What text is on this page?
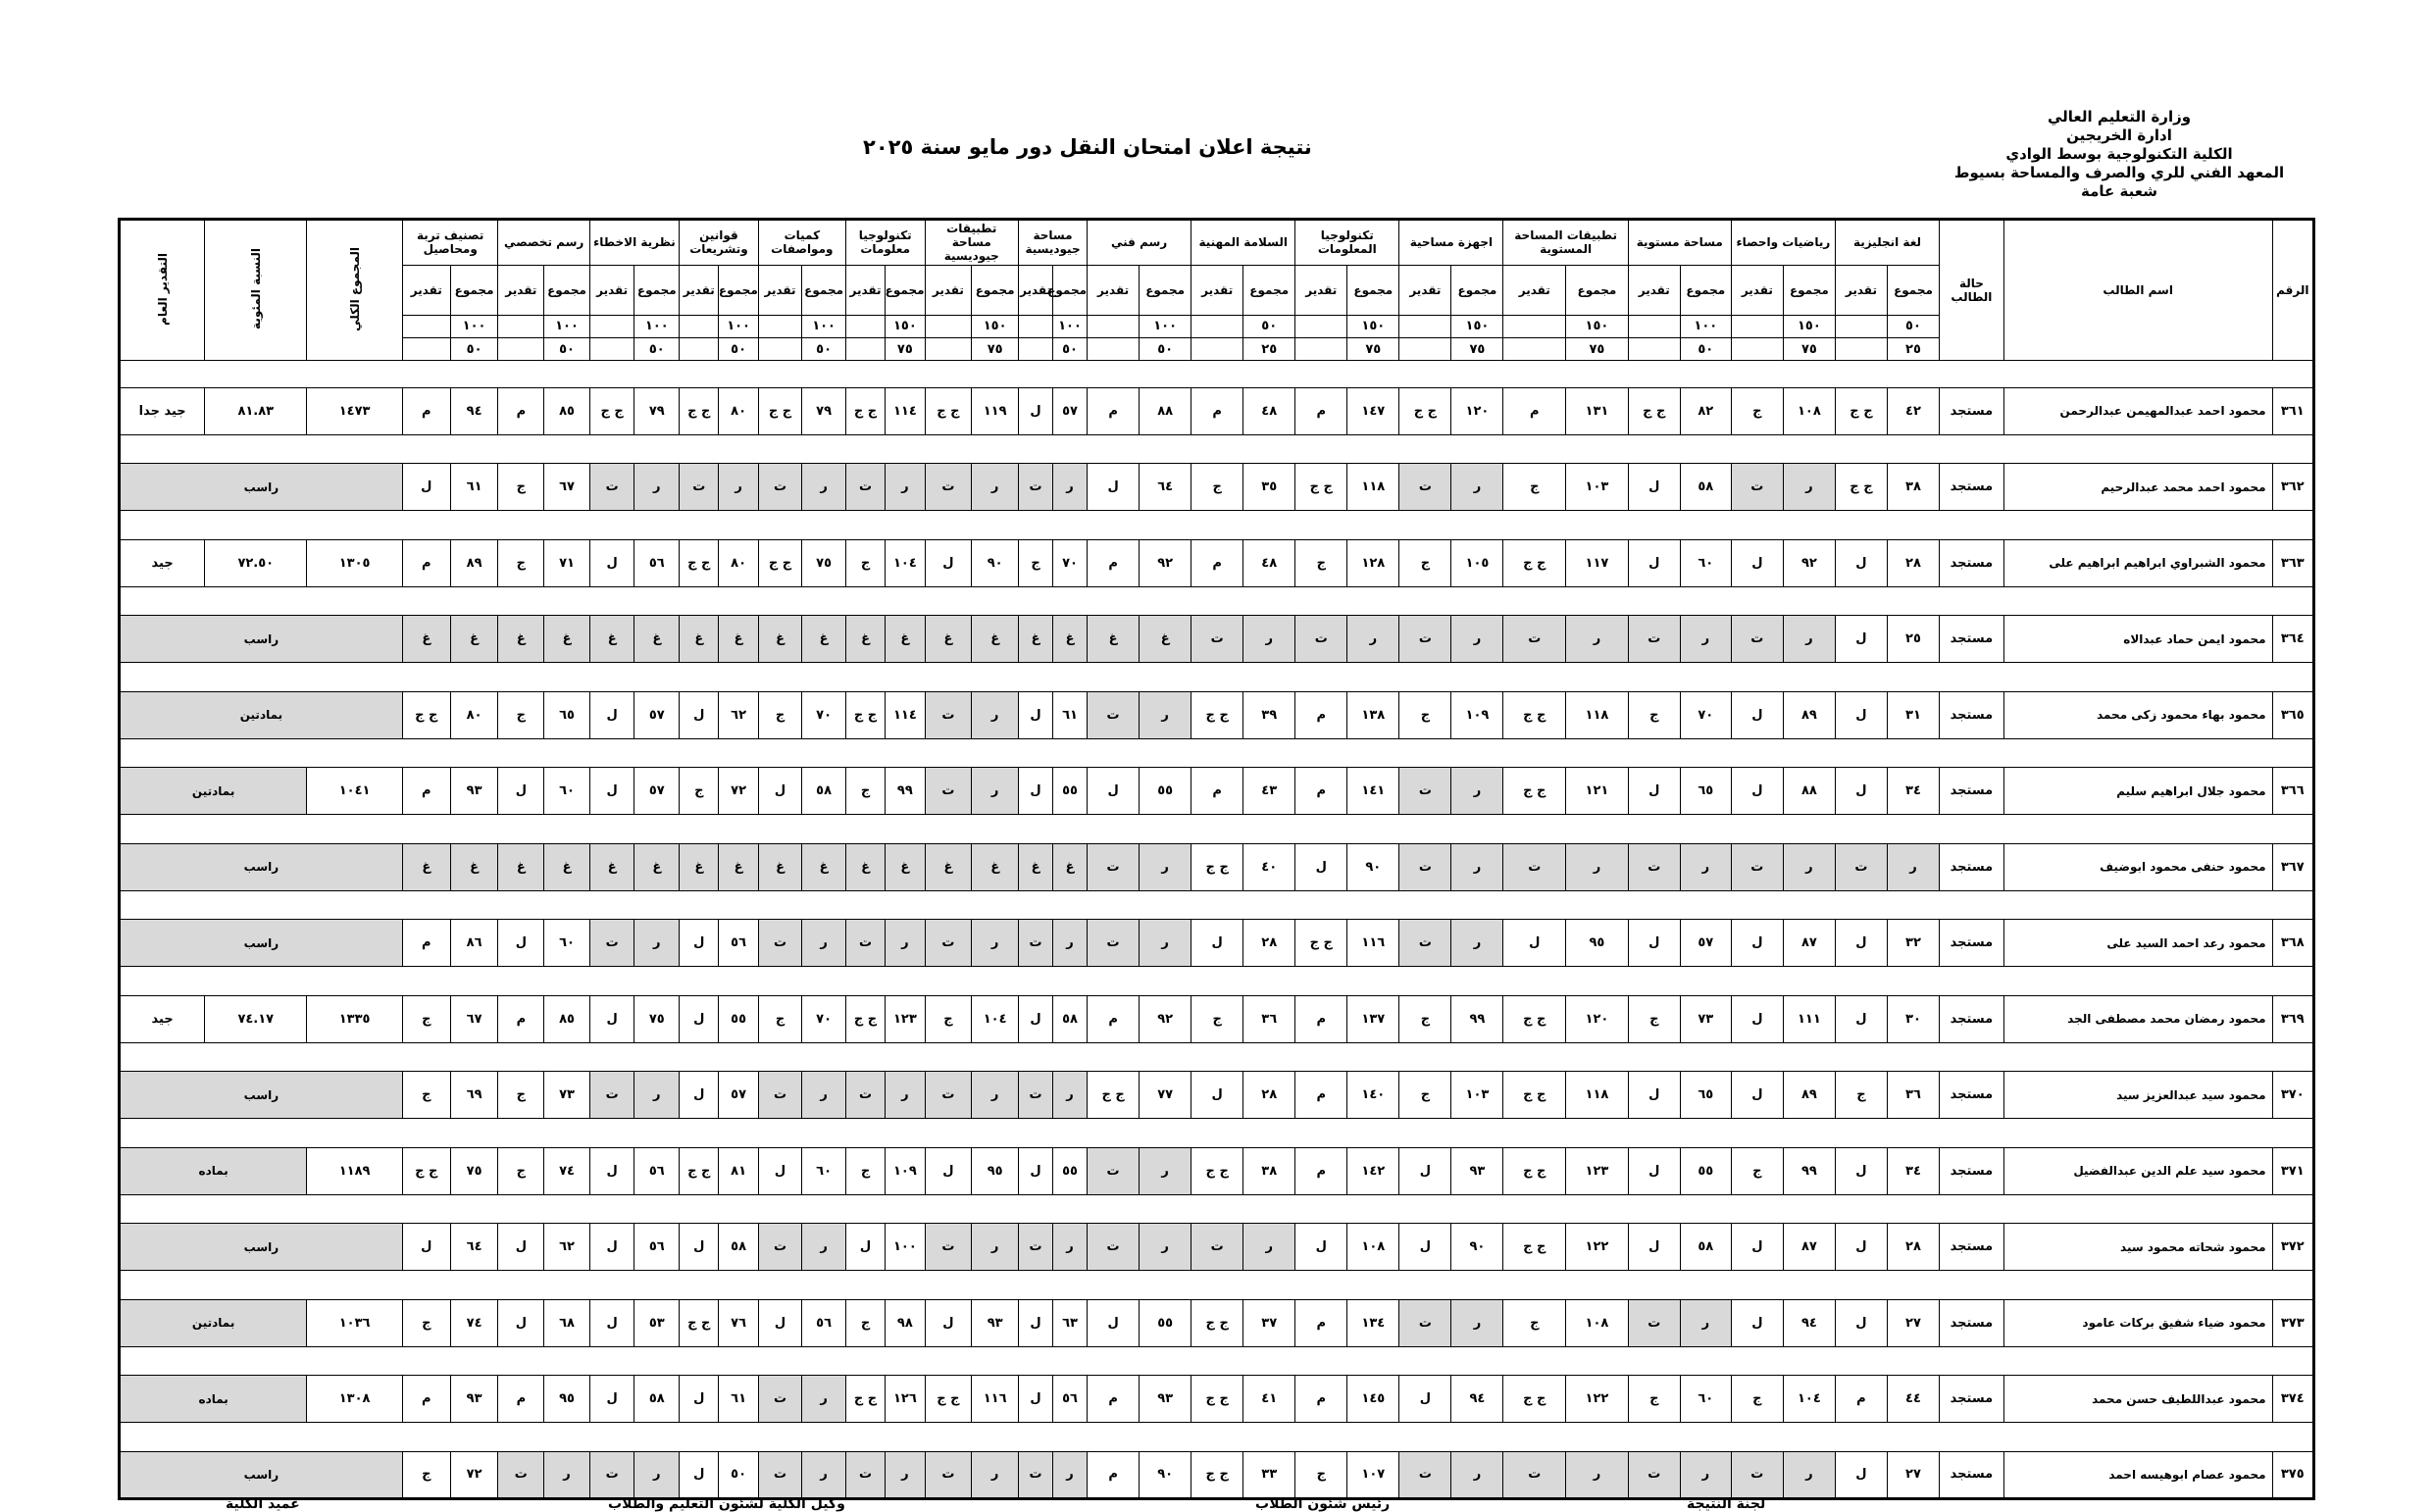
وزارة التعليم العالي
ادارة الخريجين
الكلية التكنولوجية بوسط الوادي
المعهد الفني للري والصرف والمساحة بسيوط
شعبة عامة
نتيجة اعلان امتحان النقل دور مايو سنة ٢٠٢٥
الرقم	اسم الطالب	حالة الطالب	لغة انجليزية		رياضيات واحصاء		مساحة مستوية		تطبيقات المساحة المستوية		اجهزة مساحية		تكنولوجيا المعلومات		السلامة المهنية		رسم فني		مساحة جيوديسية		تطبيقات مساحة جيوديسية		تكنولوجيا معلومات		كميات ومواصفات		قوانين وتشريعات		نظرية الاخطاء		رسم تخصصي		تصنيف تربة ومحاصيل		المجموع الكلي	النسبة المئوية	التقدير العام
			مجموع	تقدير	مجموع	تقدير	مجموع	تقدير	مجموع	تقدير	مجموع	تقدير	مجموع	تقدير	مجموع	تقدير	مجموع	تقدير	مجموع	تقدير	مجموع	تقدير	مجموع	تقدير	مجموع	تقدير	مجموع	تقدير	مجموع	تقدير	مجموع	تقدير	مجموع	تقدير			
			٥٠		١٥٠		١٠٠		١٥٠		١٥٠		١٥٠		٥٠		١٠٠		١٠٠		١٥٠		١٥٠		١٠٠		١٠٠		١٠٠		١٠٠		١٠٠				
			٢٥		٧٥		٥٠		٧٥		٧٥		٧٥		٢٥		٥٠		٥٠		٧٥		٧٥		٥٠		٥٠		٥٠		٥٠		٥٠				

٣٦١	محمود احمد عبدالمهيمن عبدالرحمن	مستجد	٤٢	ج ج	١٠٨	ج	٨٢	ج ج	١٣١	م	١٢٠	ج ج	١٤٧	م	٤٨	م	٨٨	م	٥٧	ل	١١٩	ج ج	١١٤	ج ج	٧٩	ج ج	٨٠	ج ج	٧٩	ج ج	٨٥	م	٩٤	م	١٤٧٣	٨١.٨٣	جيد جدا

٣٦٢	محمود احمد محمد عبدالرحيم	مستجد	٣٨	ج ج	ر	ت	٥٨	ل	١٠٣	ج	ر	ت	١١٨	ج ج	٣٥	ج	٦٤	ل	ر	ت	ر	ت	ر	ت	ر	ت	ر	ت	ر	ت	٦٧	ج	٦١	ل	راسب		

٣٦٣	محمود الشبراوي ابراهيم ابراهيم على	مستجد	٢٨	ل	٩٢	ل	٦٠	ل	١١٧	ج ج	١٠٥	ج	١٢٨	ج	٤٨	م	٩٢	م	٧٠	ج	٩٠	ل	١٠٤	ج	٧٥	ج ج	٨٠	ج ج	٥٦	ل	٧١	ج	٨٩	م	١٣٠٥	٧٢.٥٠	جيد

٣٦٤	محمود ايمن حماد عبدالاه	مستجد	٢٥	ل	ر	ت	ر	ت	ر	ت	ر	ت	ر	ت	ر	ت	غ	غ	غ	غ	غ	غ	غ	غ	غ	غ	غ	غ	غ	غ	غ	غ	غ	غ	راسب		

٣٦٥	محمود بهاء محمود زكى محمد	مستجد	٣١	ل	٨٩	ل	٧٠	ج	١١٨	ج ج	١٠٩	ج	١٣٨	م	٣٩	ج ج	ر	ت	٦١	ل	ر	ت	١١٤	ج ج	٧٠	ج	٦٢	ل	٥٧	ل	٦٥	ج	٨٠	ج ج	بمادتين		

٣٦٦	محمود جلال ابراهيم سليم	مستجد	٣٤	ل	٨٨	ل	٦٥	ل	١٢١	ج ج	ر	ت	١٤١	م	٤٣	م	٥٥	ل	٥٥	ل	ر	ت	٩٩	ج	٥٨	ل	٧٢	ج	٥٧	ل	٦٠	ل	٩٣	م	١٠٤١	بمادتين	

٣٦٧	محمود حنفى محمود ابوضيف	مستجد	ر	ت	ر	ت	ر	ت	ر	ت	ر	ت	٩٠	ل	٤٠	ج ج	ر	ت	غ	غ	غ	غ	غ	غ	غ	غ	غ	غ	غ	غ	غ	غ	غ	غ	راسب		

٣٦٨	محمود رعد احمد السيد على	مستجد	٣٢	ل	٨٧	ل	٥٧	ل	٩٥	ل	ر	ت	١١٦	ج ج	٢٨	ل	ر	ت	ر	ت	ر	ت	ر	ت	ر	ت	٥٦	ل	ر	ت	٦٠	ل	٨٦	م	راسب		

٣٦٩	محمود رمضان محمد مصطفى الجد	مستجد	٣٠	ل	١١١	ل	٧٣	ج	١٢٠	ج ج	٩٩	ج	١٣٧	م	٣٦	ج	٩٢	م	٥٨	ل	١٠٤	ج	١٢٣	ج ج	٧٠	ج	٥٥	ل	٧٥	ل	٨٥	م	٦٧	ج	١٣٣٥	٧٤.١٧	جيد

٣٧٠	محمود سيد عبدالعزيز سيد	مستجد	٣٦	ج	٨٩	ل	٦٥	ل	١١٨	ج ج	١٠٣	ج	١٤٠	م	٢٨	ل	٧٧	ج ج	ر	ت	ر	ت	ر	ت	ر	ت	٥٧	ل	ر	ت	٧٣	ج	٦٩	ج	راسب		

٣٧١	محمود سيد علم الدين عبدالفضيل	مستجد	٣٤	ل	٩٩	ج	٥٥	ل	١٢٣	ج ج	٩٣	ل	١٤٢	م	٣٨	ج ج	ر	ت	٥٥	ل	٩٥	ل	١٠٩	ج	٦٠	ل	٨١	ج ج	٥٦	ل	٧٤	ج	٧٥	ج ج	١١٨٩	بماده	

٣٧٢	محمود شحاته محمود سيد	مستجد	٢٨	ل	٨٧	ل	٥٨	ل	١٢٢	ج ج	٩٠	ل	١٠٨	ل	ر	ت	ر	ت	ر	ت	ر	ت	١٠٠	ل	ر	ت	٥٨	ل	٥٦	ل	٦٢	ل	٦٤	ل	راسب		

٣٧٣	محمود ضياء شفيق بركات عامود	مستجد	٢٧	ل	٩٤	ل	ر	ت	١٠٨	ج	ر	ت	١٣٤	م	٣٧	ج ج	٥٥	ل	٦٣	ل	٩٣	ل	٩٨	ج	٥٦	ل	٧٦	ج ج	٥٣	ل	٦٨	ل	٧٤	ج	١٠٣٦	بمادتين	

٣٧٤	محمود عبداللطيف حسن محمد	مستجد	٤٤	م	١٠٤	ج	٦٠	ج	١٢٢	ج ج	٩٤	ل	١٤٥	م	٤١	ج ج	٩٣	م	٥٦	ل	١١٦	ج ج	١٢٦	ج ج	ر	ت	٦١	ل	٥٨	ل	٩٥	م	٩٣	م	١٣٠٨	بماده	

٣٧٥	محمود عصام ابوهيسه احمد	مستجد	٢٧	ل	ر	ت	ر	ت	ر	ت	ر	ت	١٠٧	ج	٣٣	ج ج	٩٠	م	ر	ت	ر	ت	ر	ت	ر	ت	٥٠	ل	ر	ت	ر	ت	٧٢	ج	راسب		
لجنة النتيجة
رئيس شئون الطلاب
وكيل الكلية لشئون التعليم والطلاب
عميد الكلية
